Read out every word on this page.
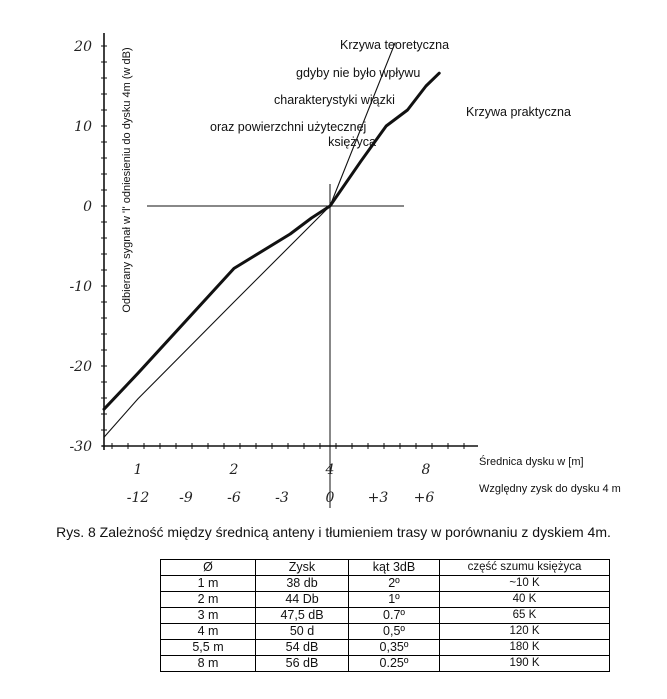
20
10
0
-10
-20
-30
1	2	4	8
-12 -9 -6 -3	0 +3 +6
Odbierany sygnał w 'l' odniesieniu do dysku 4m (w dB)
Średnica dysku w [m]
Względny zysk do dysku 4 m
Krzywa teoretyczna
gdyby nie było wpływu
charakterystyki wiązki
oraz powierzchni użytecznej
księżyca
Krzywa praktyczna
Rys. 8 Zależność między średnicą anteny i tłumieniem trasy w porównaniu z dyskiem 4m.
Ø	Zysk	kąt 3dB	część szumu księżyca
1 m	38 db	2º	~10 K
2 m	44 Db	1º	40 K
3 m	47,5 dB	0.7º	65 K
4 m	50 d	0,5º	120 K
5,5 m	54 dB	0,35º	180 K
8 m	56 dB	0.25º	190 K
